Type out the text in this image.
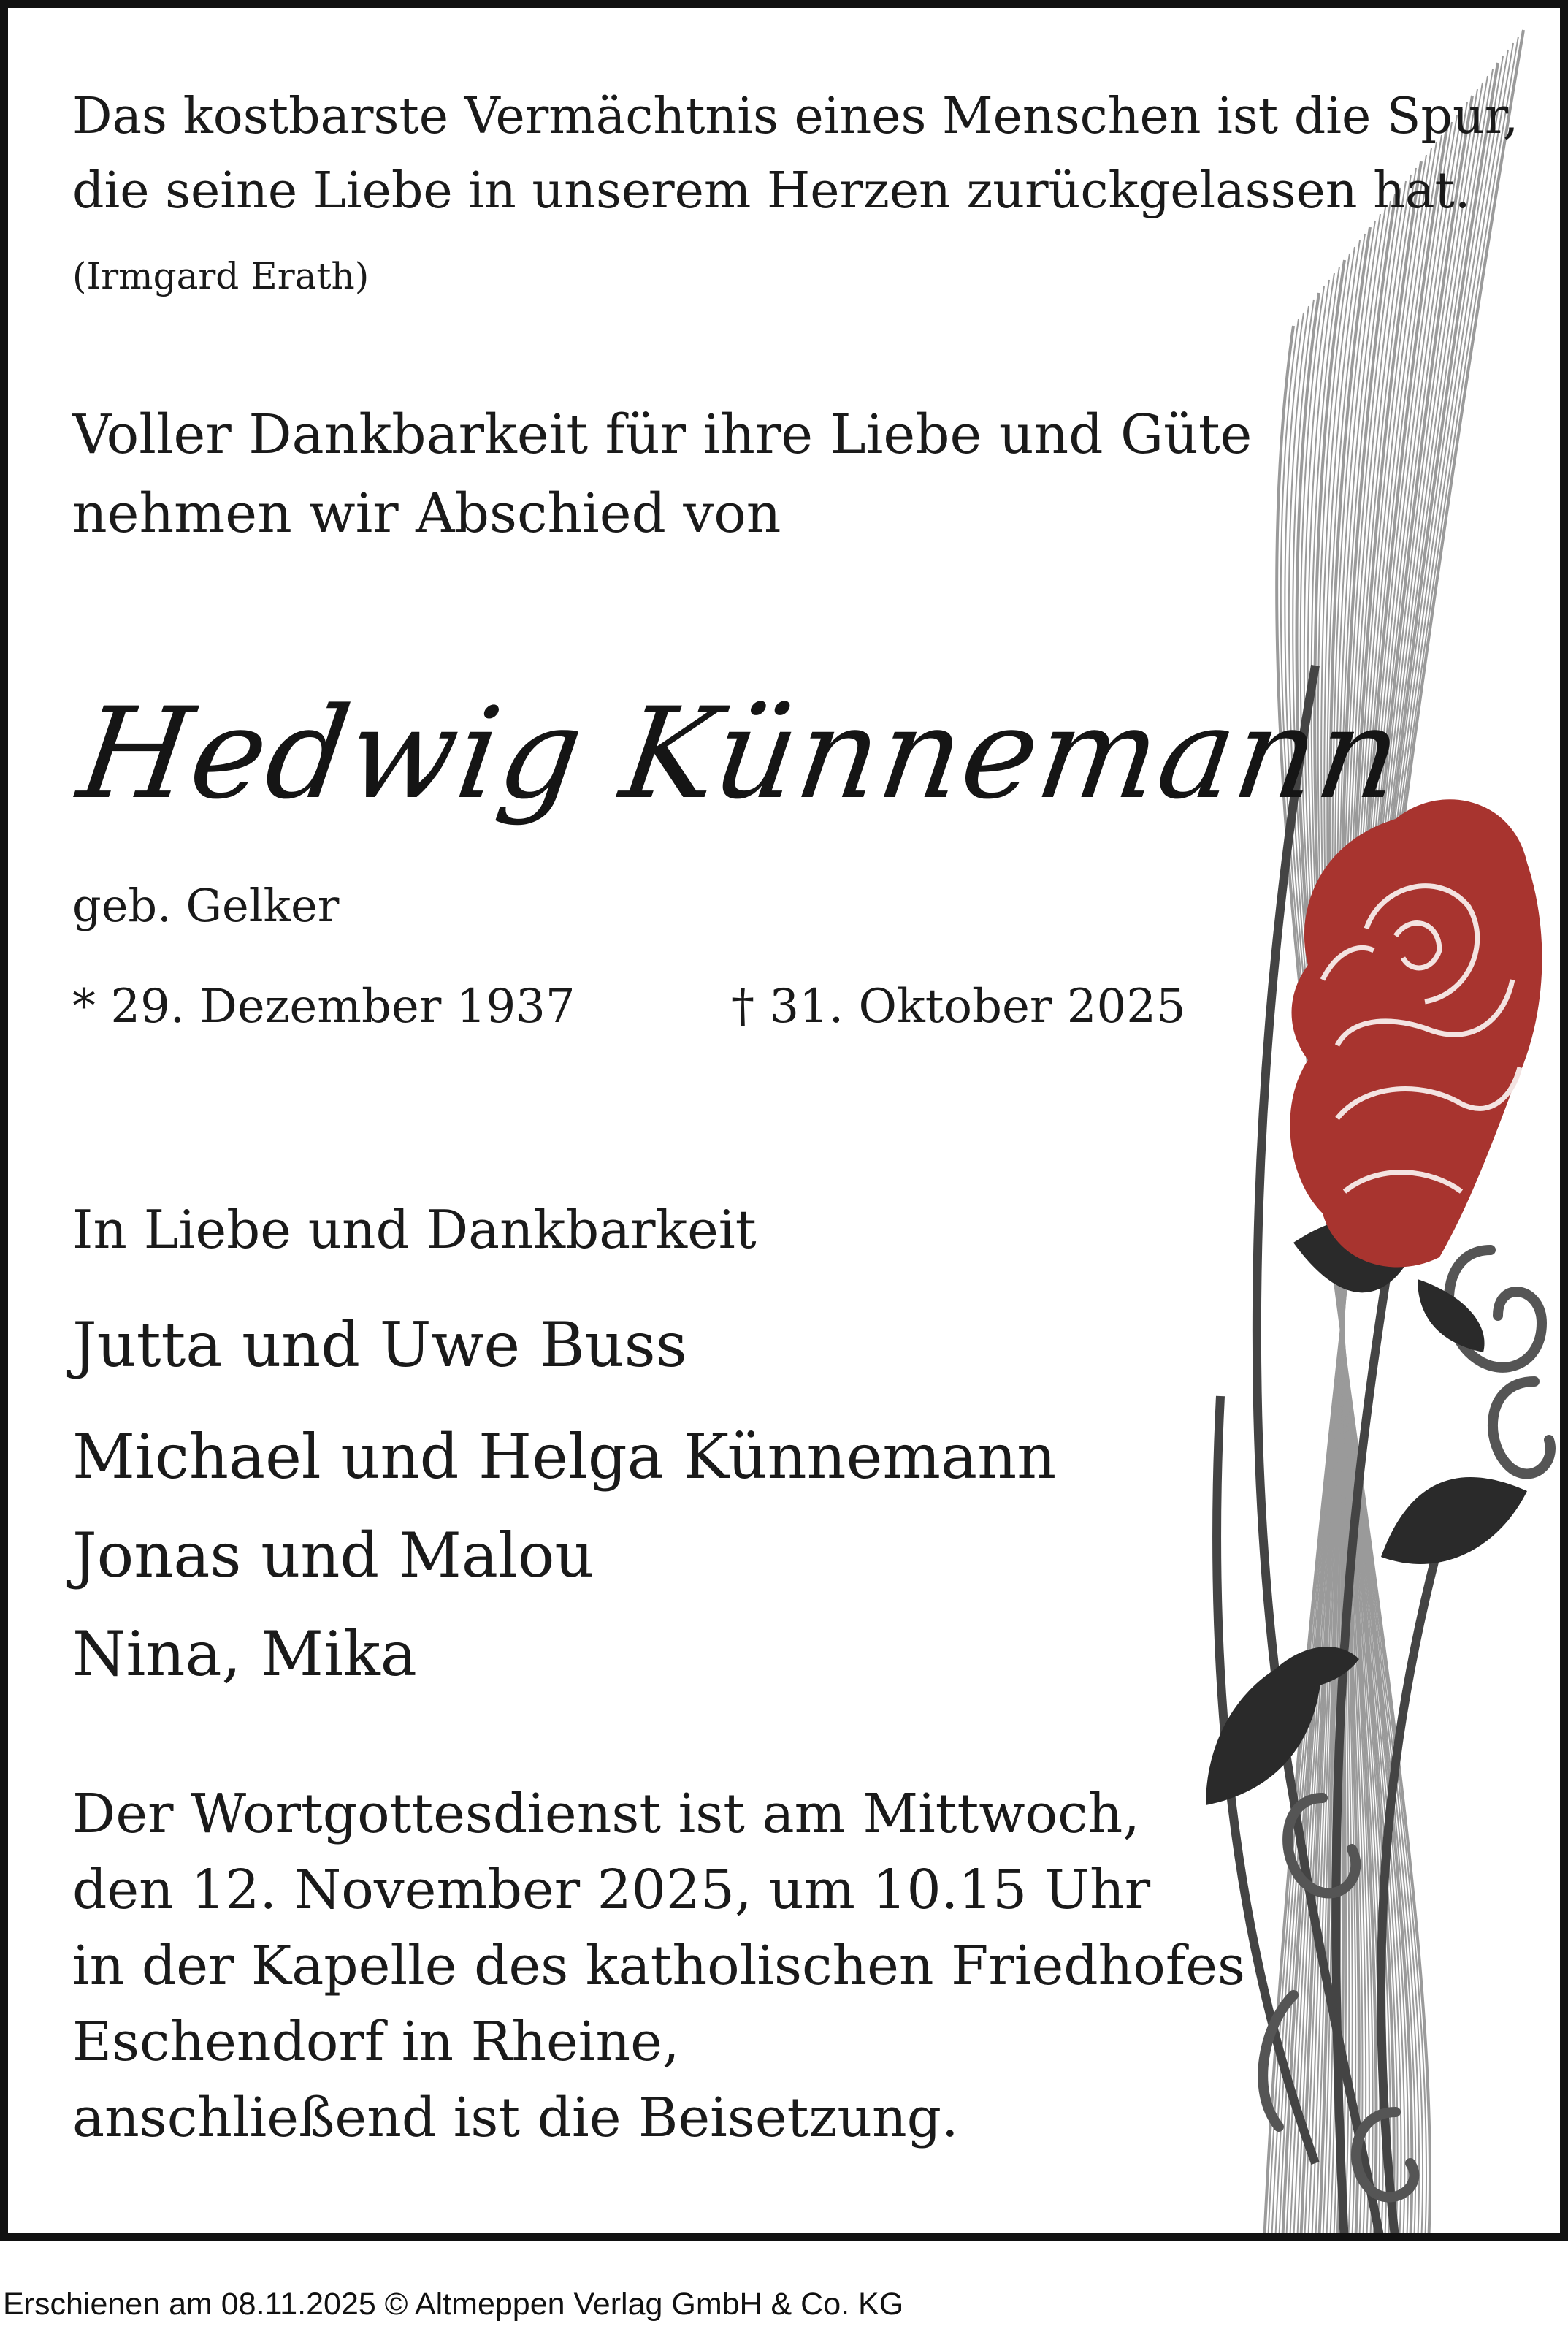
Das kostbarste Vermächtnis eines Menschen ist die Spur,
die seine Liebe in unserem Herzen zurückgelassen hat.
(Irmgard Erath)
Voller Dankbarkeit für ihre Liebe und Güte
nehmen wir Abschied von
Hedwig Künnemann
geb. Gelker
* 29. Dezember 1937	† 31. Oktober 2025
In Liebe und Dankbarkeit
Jutta und Uwe Buss
Michael und Helga Künnemann
Jonas und Malou
Nina, Mika
Der Wortgottesdienst ist am Mittwoch,
den 12. November 2025, um 10.15 Uhr
in der Kapelle des katholischen Friedhofes
Eschendorf in Rheine,
anschließend ist die Beisetzung.
Erschienen am 08.11.2025 © Altmeppen Verlag GmbH & Co. KG
